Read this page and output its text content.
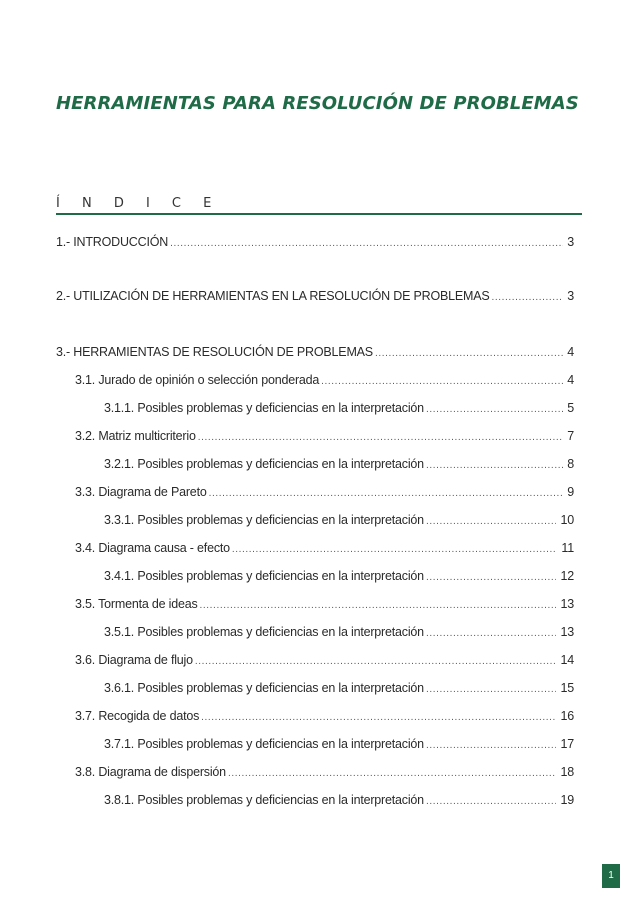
HERRAMIENTAS PARA RESOLUCIÓN DE PROBLEMAS
Í N D I C E
1.- INTRODUCCIÓN .....	3
2.- UTILIZACIÓN DE HERRAMIENTAS EN LA RESOLUCIÓN DE PROBLEMAS .....	3
3.- HERRAMIENTAS DE RESOLUCIÓN DE PROBLEMAS .....	4
3.1. Jurado de opinión o selección ponderada .....	4
3.1.1. Posibles problemas y deficiencias en la interpretación .....	5
3.2. Matriz multicriterio .....	7
3.2.1. Posibles problemas y deficiencias en la interpretación .....	8
3.3. Diagrama de Pareto .....	9
3.3.1. Posibles problemas y deficiencias en la interpretación .....	10
3.4. Diagrama causa - efecto .....	11
3.4.1. Posibles problemas y deficiencias en la interpretación .....	12
3.5. Tormenta de ideas .....	13
3.5.1. Posibles problemas y deficiencias en la interpretación .....	13
3.6. Diagrama de flujo .....	14
3.6.1. Posibles problemas y deficiencias en la interpretación .....	15
3.7. Recogida de datos .....	16
3.7.1. Posibles problemas y deficiencias en la interpretación .....	17
3.8. Diagrama de dispersión .....	18
3.8.1. Posibles problemas y deficiencias en la interpretación .....	19
1
